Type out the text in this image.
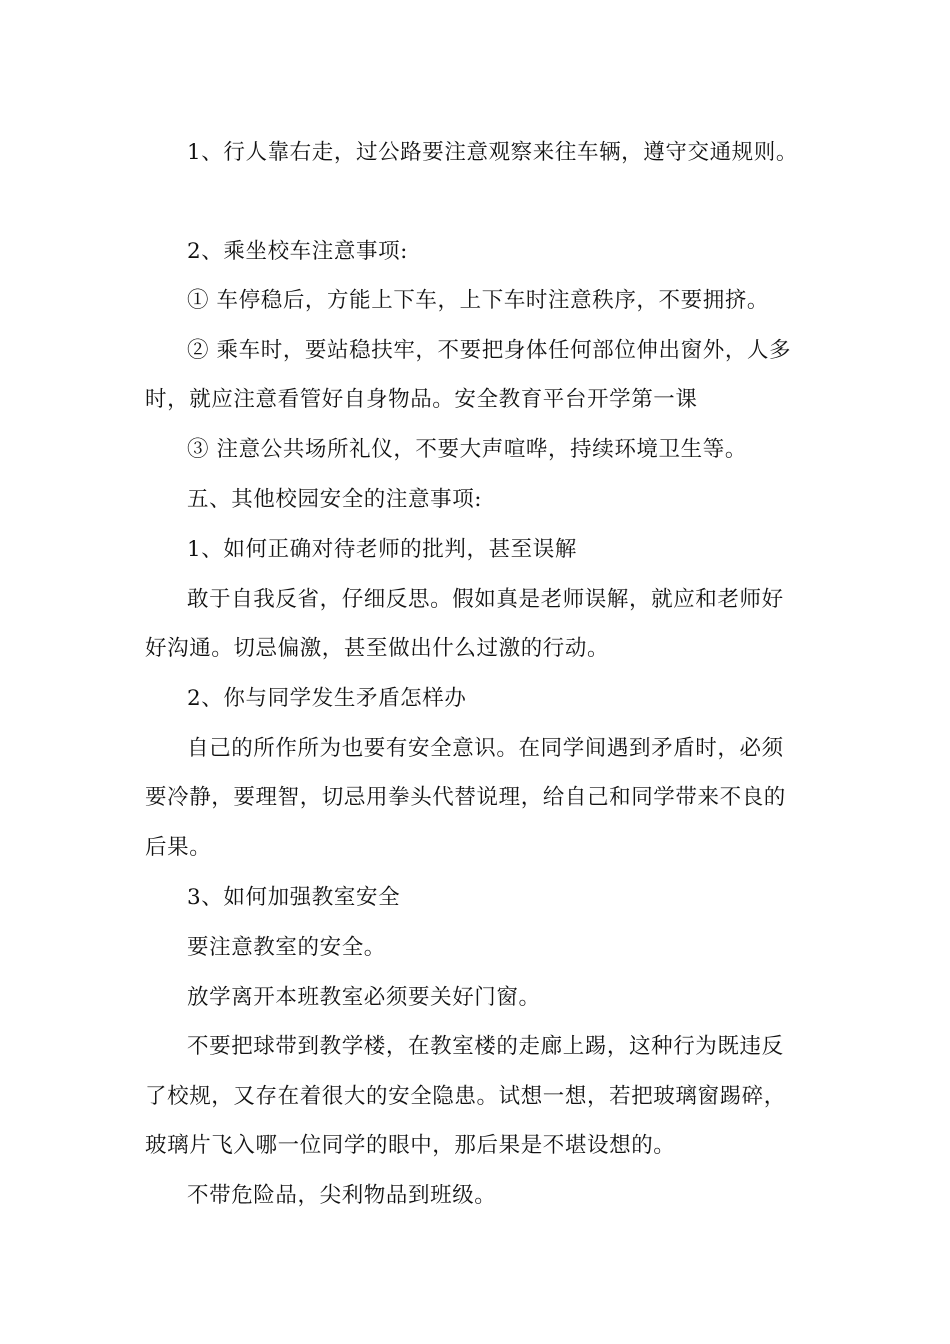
1、行人靠右走，过公路要注意观察来往车辆，遵守交通规则。
2、乘坐校车注意事项:
① 车停稳后，方能上下车，上下车时注意秩序，不要拥挤。
② 乘车时，要站稳扶牢，不要把身体任何部位伸出窗外，人多
时，就应注意看管好自身物品。安全教育平台开学第一课
③ 注意公共场所礼仪，不要大声喧哗，持续环境卫生等。
五、其他校园安全的注意事项:
1、如何正确对待老师的批判，甚至误解
敢于自我反省，仔细反思。假如真是老师误解，就应和老师好
好沟通。切忌偏激，甚至做出什么过激的行动。
2、你与同学发生矛盾怎样办
自己的所作所为也要有安全意识。在同学间遇到矛盾时，必须
要冷静，要理智，切忌用拳头代替说理，给自己和同学带来不良的
后果。
3、如何加强教室安全
要注意教室的安全。
放学离开本班教室必须要关好门窗。
不要把球带到教学楼，在教室楼的走廊上踢，这种行为既违反
了校规，又存在着很大的安全隐患。试想一想，若把玻璃窗踢碎，
玻璃片飞入哪一位同学的眼中，那后果是不堪设想的。
不带危险品，尖利物品到班级。
